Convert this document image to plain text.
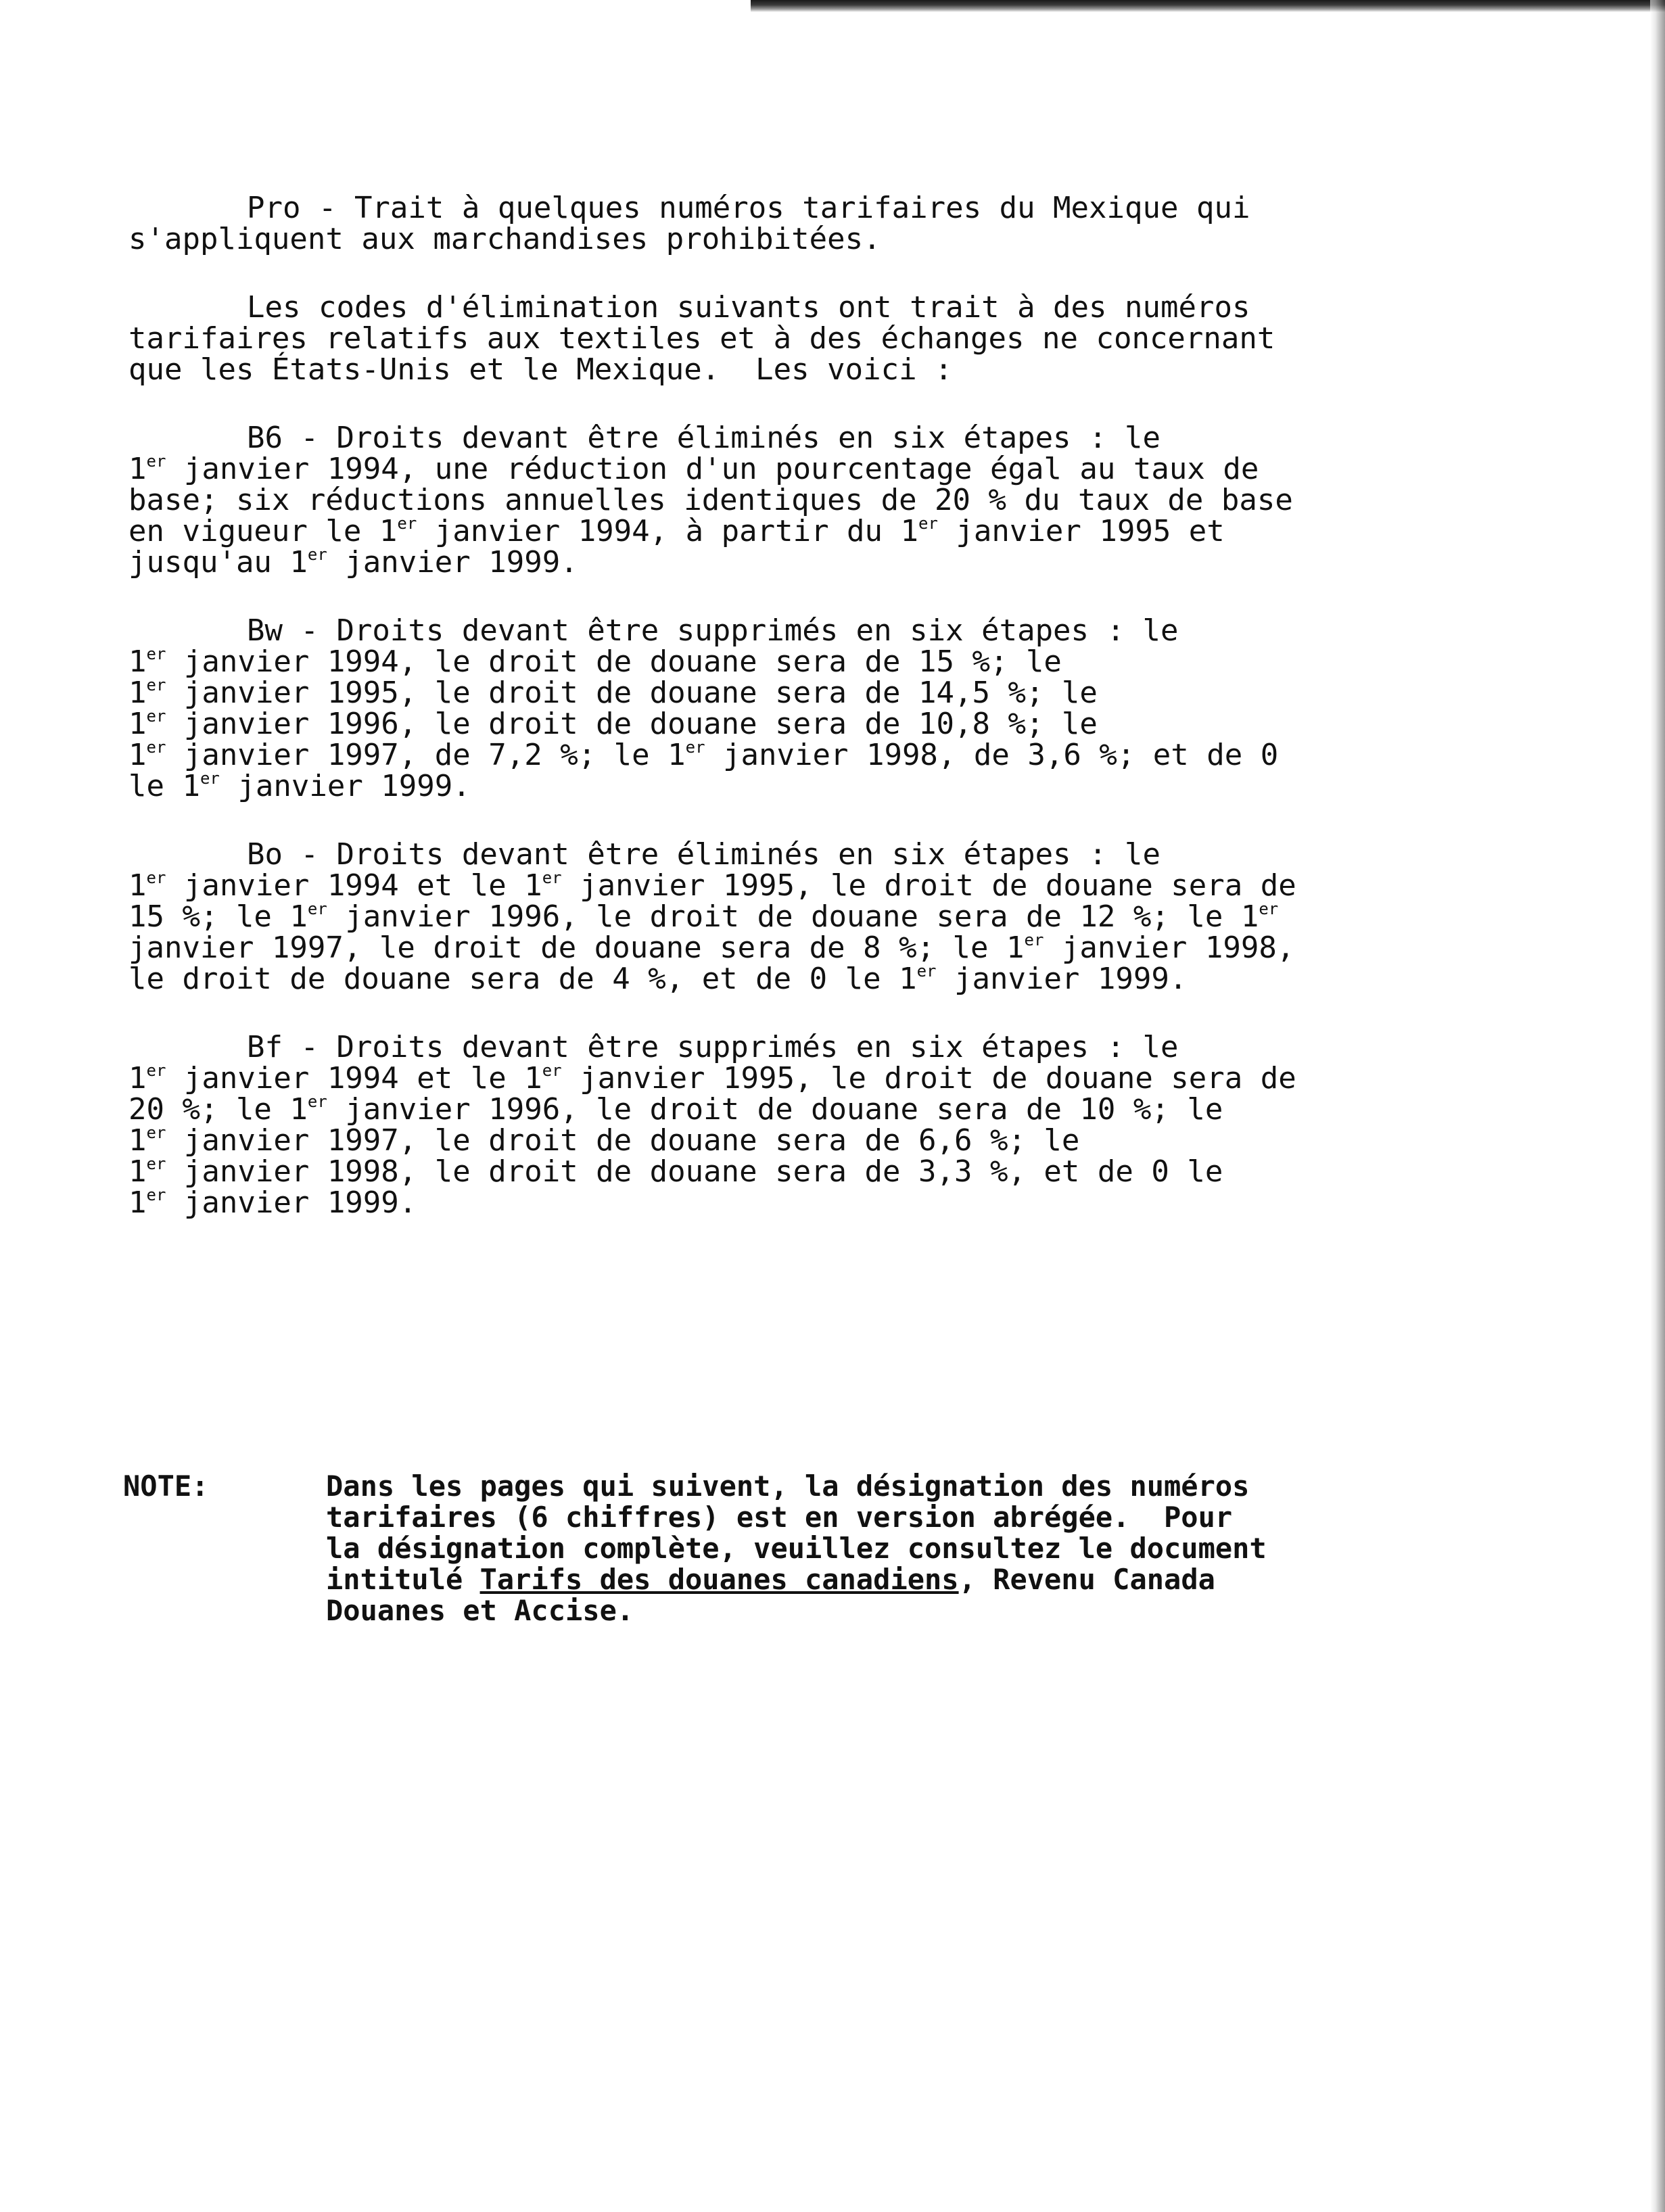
Pro - Trait à quelques numéros tarifaires du Mexique qui
s'appliquent aux marchandises prohibitées.
Les codes d'élimination suivants ont trait à des numéros
tarifaires relatifs aux textiles et à des échanges ne concernant
que les États-Unis et le Mexique.  Les voici :
B6 - Droits devant être éliminés en six étapes : le
1er janvier 1994, une réduction d'un pourcentage égal au taux de
base; six réductions annuelles identiques de 20 % du taux de base
en vigueur le 1er janvier 1994, à partir du 1er janvier 1995 et
jusqu'au 1er janvier 1999.
Bw - Droits devant être supprimés en six étapes : le
1er janvier 1994, le droit de douane sera de 15 %; le
1er janvier 1995, le droit de douane sera de 14,5 %; le
1er janvier 1996, le droit de douane sera de 10,8 %; le
1er janvier 1997, de 7,2 %; le 1er janvier 1998, de 3,6 %; et de 0
le 1er janvier 1999.
Bo - Droits devant être éliminés en six étapes : le
1er janvier 1994 et le 1er janvier 1995, le droit de douane sera de
15 %; le 1er janvier 1996, le droit de douane sera de 12 %; le 1er
janvier 1997, le droit de douane sera de 8 %; le 1er janvier 1998,
le droit de douane sera de 4 %, et de 0 le 1er janvier 1999.
Bf - Droits devant être supprimés en six étapes : le
1er janvier 1994 et le 1er janvier 1995, le droit de douane sera de
20 %; le 1er janvier 1996, le droit de douane sera de 10 %; le
1er janvier 1997, le droit de douane sera de 6,6 %; le
1er janvier 1998, le droit de douane sera de 3,3 %, et de 0 le
1er janvier 1999.
NOTE:	Dans les pages qui suivent, la désignation des numéros
tarifaires (6 chiffres) est en version abrégée.  Pour
la désignation complète, veuillez consultez le document
intitulé Tarifs des douanes canadiens, Revenu Canada
Douanes et Accise.
